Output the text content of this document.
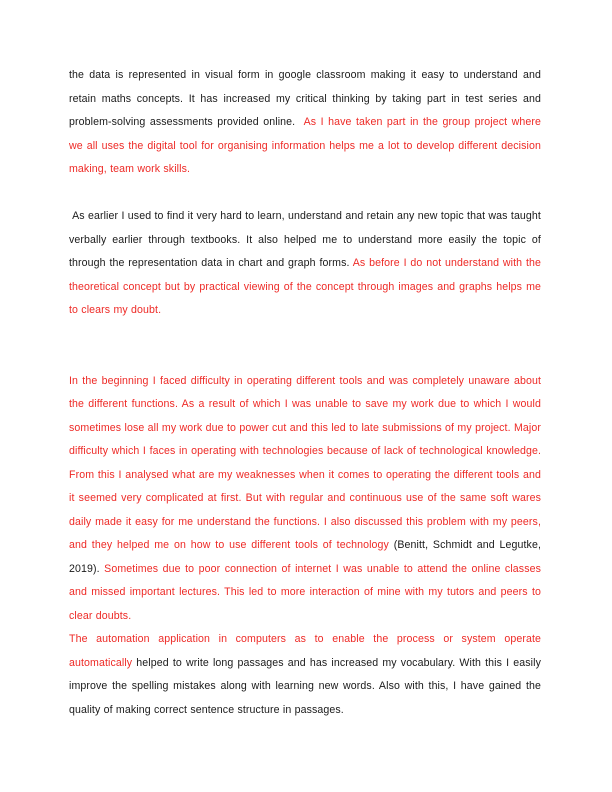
the data is represented in visual form in google classroom making it easy to understand and retain maths concepts. It has increased my critical thinking by taking part in test series and problem-solving assessments provided online.  As I have taken part in the group project where we all uses the digital tool for organising information helps me a lot to develop different decision making, team work skills.

As earlier I used to find it very hard to learn, understand and retain any new topic that was taught verbally earlier through textbooks. It also helped me to understand more easily the topic of through the representation data in chart and graph forms. As before I do not understand with the theoretical concept but by practical viewing of the concept through images and graphs helps me to clears my doubt.

In the beginning I faced difficulty in operating different tools and was completely unaware about the different functions. As a result of which I was unable to save my work due to which I would sometimes lose all my work due to power cut and this led to late submissions of my project. Major difficulty which I faces in operating with technologies because of lack of technological knowledge. From this I analysed what are my weaknesses when it comes to operating the different tools and it seemed very complicated at first. But with regular and continuous use of the same soft wares daily made it easy for me understand the functions. I also discussed this problem with my peers, and they helped me on how to use different tools of technology (Benitt, Schmidt and Legutke, 2019). Sometimes due to poor connection of internet I was unable to attend the online classes and missed important lectures. This led to more interaction of mine with my tutors and peers to clear doubts.

The automation application in computers as to enable the process or system operate automatically helped to write long passages and has increased my vocabulary. With this I easily improve the spelling mistakes along with learning new words. Also with this, I have gained the quality of making correct sentence structure in passages.
